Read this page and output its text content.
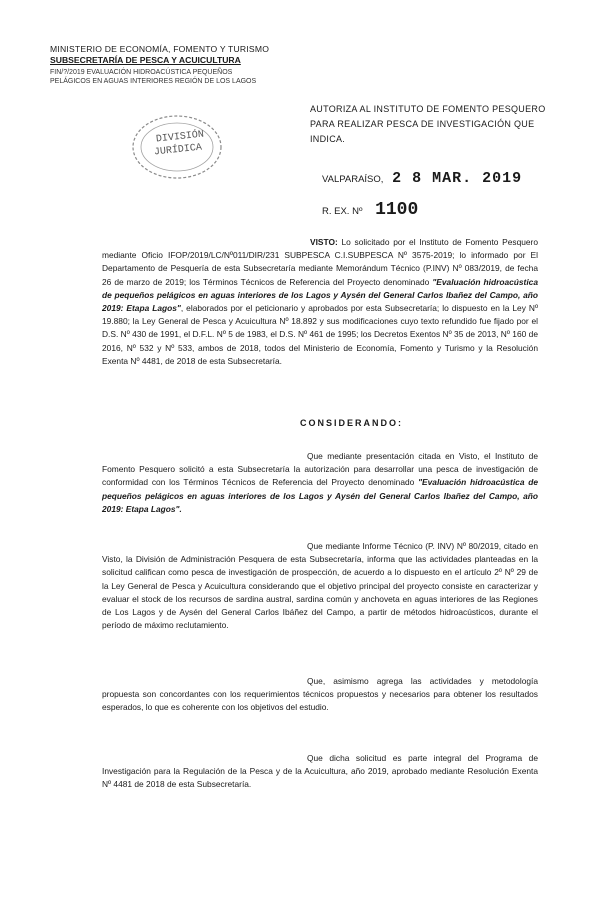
MINISTERIO DE ECONOMÍA, FOMENTO Y TURISMO
SUBSECRETARÍA DE PESCA Y ACUICULTURA
FIN/?/2019 EVALUACIÓN HIDROACÚSTICA PEQUEÑOS
PELÁGICOS EN AGUAS INTERIORES REGIÓN DE LOS LAGOS
DIVISIÓN
JURÍDICA
AUTORIZA AL INSTITUTO DE FOMENTO PESQUERO PARA REALIZAR PESCA DE INVESTIGACIÓN QUE INDICA.
VALPARAÍSO, 2 8 MAR. 2019
R. EX. Nº 1100
VISTO: Lo solicitado por el Instituto de Fomento Pesquero mediante Oficio IFOP/2019/LC/Nº011/DIR/231 SUBPESCA C.I.SUBPESCA Nº 3575-2019; lo informado por El Departamento de Pesquería de esta Subsecretaría mediante Memorándum Técnico (P.INV) Nº 083/2019, de fecha 26 de marzo de 2019; los Términos Técnicos de Referencia del Proyecto denominado "Evaluación hidroacústica de pequeños pelágicos en aguas interiores de los Lagos y Aysén del General Carlos Ibañez del Campo, año 2019: Etapa Lagos", elaborados por el peticionario y aprobados por esta Subsecretaría; lo dispuesto en la Ley Nº 19.880; la Ley General de Pesca y Acuicultura Nº 18.892 y sus modificaciones cuyo texto refundido fue fijado por el D.S. Nº 430 de 1991, el D.F.L. Nº 5 de 1983, el D.S. Nº 461 de 1995; los Decretos Exentos Nº 35 de 2013, Nº 160 de 2016, Nº 532 y Nº 533, ambos de 2018, todos del Ministerio de Economía, Fomento y Turismo y la Resolución Exenta Nº 4481, de 2018 de esta Subsecretaría.
CONSIDERANDO:
Que mediante presentación citada en Visto, el Instituto de Fomento Pesquero solicitó a esta Subsecretaría la autorización para desarrollar una pesca de investigación de conformidad con los Términos Técnicos de Referencia del Proyecto denominado "Evaluación hidroacústica de pequeños pelágicos en aguas interiores de los Lagos y Aysén del General Carlos Ibañez del Campo, año 2019: Etapa Lagos".
Que mediante Informe Técnico (P. INV) Nº 80/2019, citado en Visto, la División de Administración Pesquera de esta Subsecretaría, informa que las actividades planteadas en la solicitud califican como pesca de investigación de prospección, de acuerdo a lo dispuesto en el artículo 2º Nº 29 de la Ley General de Pesca y Acuicultura considerando que el objetivo principal del proyecto consiste en caracterizar y evaluar el stock de los recursos de sardina austral, sardina común y anchoveta en aguas interiores de las Regiones de Los Lagos y de Aysén del General Carlos Ibáñez del Campo, a partir de métodos hidroacústicos, durante el período de máximo reclutamiento.
Que, asimismo agrega las actividades y metodología propuesta son concordantes con los requerimientos técnicos propuestos y necesarios para obtener los resultados esperados, lo que es coherente con los objetivos del estudio.
Que dicha solicitud es parte integral del Programa de Investigación para la Regulación de la Pesca y de la Acuicultura, año 2019, aprobado mediante Resolución Exenta Nº 4481 de 2018 de esta Subsecretaría.
